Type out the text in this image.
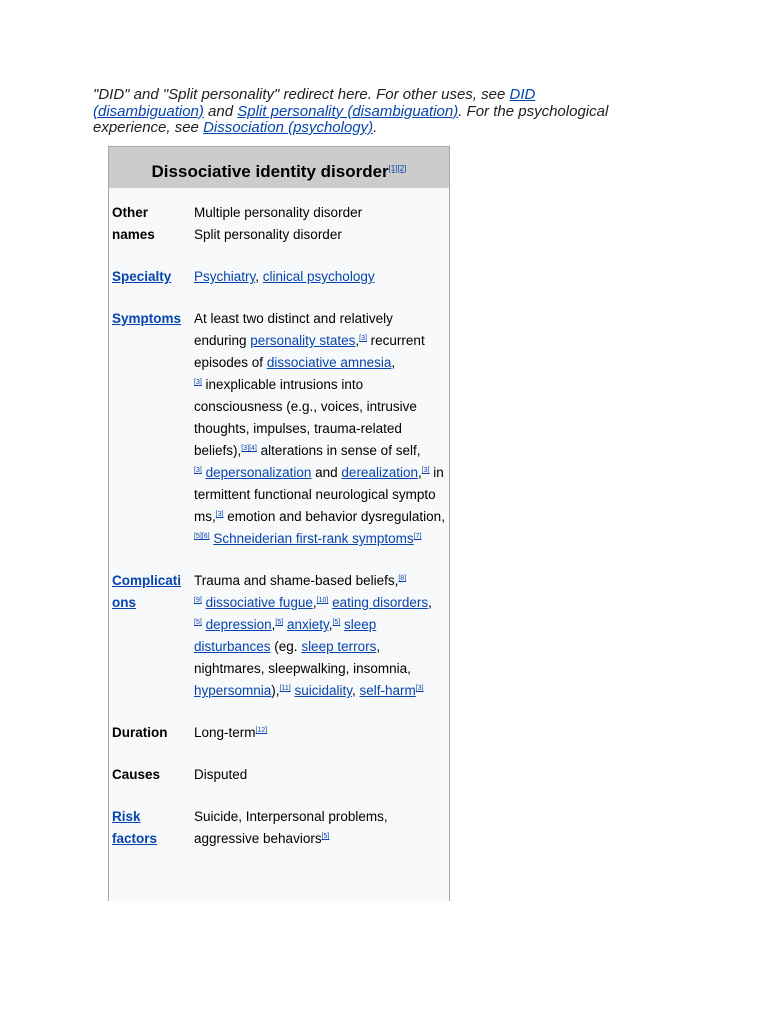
"DID" and "Split personality" redirect here. For other uses, see DID (disambiguation) and Split personality (disambiguation). For the psychological experience, see Dissociation (psychology).
Dissociative identity disorder[1][2]

Other names	Multiple personality disorder
Split personality disorder

Specialty	Psychiatry, clinical psychology

Symptoms	At least two distinct and relatively enduring personality states,[3] recurrent episodes of dissociative amnesia,
[3] inexplicable intrusions into consciousness (e.g., voices, intrusive thoughts, impulses, trauma-related beliefs),[3][4] alterations in sense of self,
[3] depersonalization and derealization,[3] intermittent functional neurological symptoms,[3] emotion and behavior dysregulation,[5][6] Schneiderian first-rank symptoms[7]

Complications	Trauma and shame-based beliefs,[8]
[9] dissociative fugue,[10] eating disorders,
[5] depression,[5] anxiety,[5] sleep disturbances (eg. sleep terrors, nightmares, sleepwalking, insomnia, hypersomnia),[11] suicidality, self-harm[3]

Duration	Long-term[12]

Causes	Disputed

Risk factors	Suicide, Interpersonal problems, aggressive behaviors[5]
